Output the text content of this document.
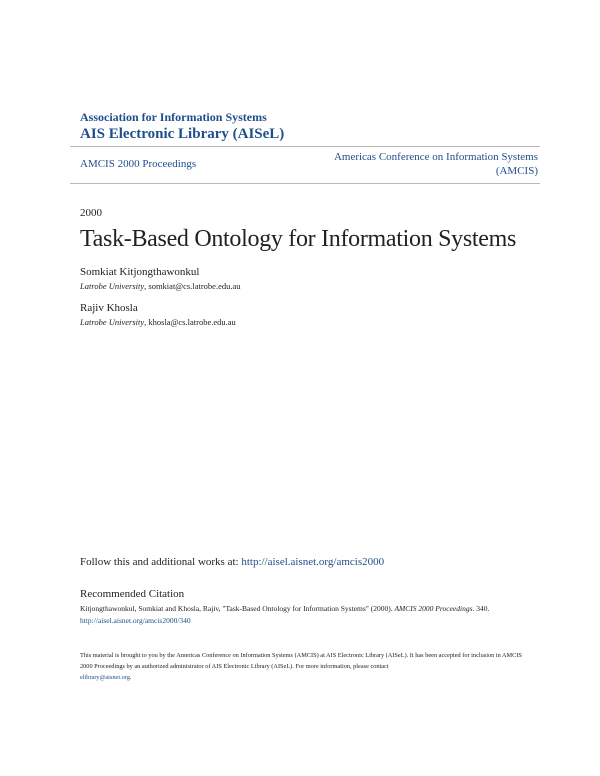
Association for Information Systems
AIS Electronic Library (AISeL)
AMCIS 2000 Proceedings
Americas Conference on Information Systems
(AMCIS)
2000
Task-Based Ontology for Information Systems
Somkiat Kitjongthawonkul
Latrobe University, somkiat@cs.latrobe.edu.au
Rajiv Khosla
Latrobe University, khosla@cs.latrobe.edu.au
Follow this and additional works at: http://aisel.aisnet.org/amcis2000
Recommended Citation
Kitjongthawonkul, Somkiat and Khosla, Rajiv, "Task-Based Ontology for Information Systems" (2000). AMCIS 2000 Proceedings. 340.
http://aisel.aisnet.org/amcis2000/340
This material is brought to you by the Americas Conference on Information Systems (AMCIS) at AIS Electronic Library (AISeL). It has been accepted for inclusion in AMCIS 2000 Proceedings by an authorized administrator of AIS Electronic Library (AISeL). For more information, please contact
elibrary@aisnet.org.
